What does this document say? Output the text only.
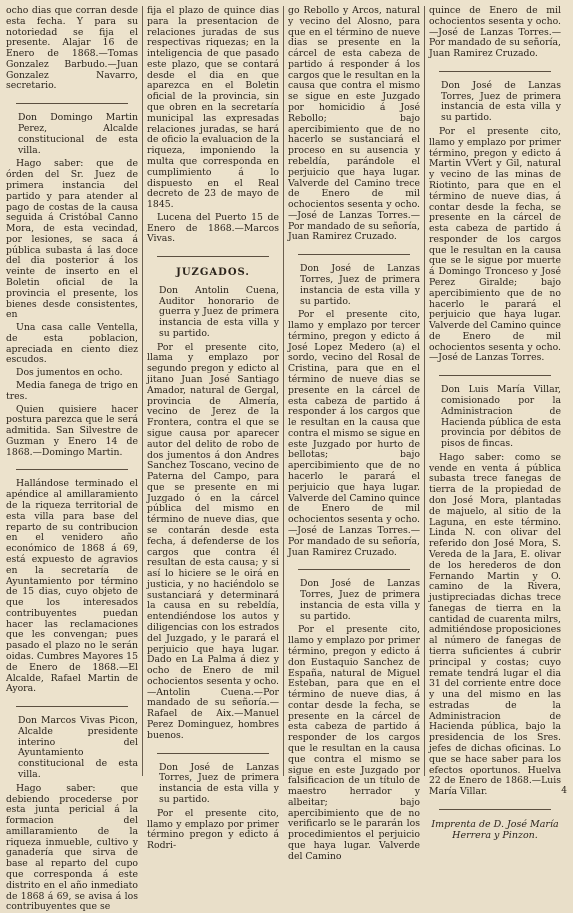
ocho dias que corran desde esta fecha. Y para su notoriedad se fija el presente. Alajar 16 de Enero de 1868.—Tomas Gonzalez Barbudo.—Juan Gonzalez Navarro, secretario.

Don Domingo Martin Perez, Alcalde constitucional de esta villa.

Hago saber: que de órden del Sr. Juez de primera instancia del partido y para atender al pago de costas de la causa seguida á Cristóbal Canno Mora, de esta vecindad, por lesiones, se saca á pública subasta á las doce del dia posterior á los veinte de inserto en el Boletin oficial de la provincia el presente, los bienes desde consistentes, en

Una casa calle Ventella, de esta poblacion, apreciada en ciento diez escudos.

Dos jumentos en ocho.

Media fanega de trigo en tres.

Quien quisiere hacer postura parezca que le será admitida. San Silvestre de Guzman y Enero 14 de 1868.—Domingo Martin.

Hallándose terminado el apéndice al amillaramiento de la riqueza territorial de esta villa para base del reparto de su contribucion en el venidero año económico de 1868 á 69, está expuesto de agravios en la secretaría de Ayuntamiento por término de 15 dias, cuyo objeto de que los interesados contribuyentes puedan hacer las reclamaciones que les convengan; pues pasado el plazo no le serán oidas. Cumbres Mayores 15 de Enero de 1868.—El Alcalde, Rafael Martin de Ayora.

Don Marcos Vivas Picon, Alcalde presidente interino del Ayuntamiento constitucional de esta villa.

Hago saber: que debiendo procederse por esta junta pericial á la formacion del amillaramiento de la riqueza inmueble, cultivo y ganadería que sirva de base al reparto del cupo que corresponda á este distrito en el año inmediato de 1868 á 69, se avisa á los contribuyentes que se

fija el plazo de quince dias para la presentacion de relaciones juradas de sus respectivas riquezas; en la inteligencia de que pasado este plazo, que se contará desde el dia en que aparezca en el Boletin oficial de la provincia, sin que obren en la secretaría municipal las expresadas relaciones juradas, se hará de oficio la evaluacion de la riqueza, imponiendo la multa que corresponda en cumplimiento á lo dispuesto en el Real decreto de 23 de mayo de 1845.

Lucena del Puerto 15 de Enero de 1868.—Marcos Vivas.

JUZGADOS.

Don Antolin Cuena, Auditor honorario de guerra y Juez de primera instancia de esta villa y su partido.

Por el presente cito, llama y emplazo por segundo pregon y edicto al jitano Juan José Santiago Amador, natural de Gergal, provincia de Almería, vecino de Jerez de la Frontera, contra el que se sigue causa por aparecer autor del delito de robo de dos jumentos á don Andres Sanchez Toscano, vecino de Paterna del Campo, para que se presente en mi Juzgado ó en la cárcel pública del mismo en término de nueve dias, que se contarán desde esta fecha, á defenderse de los cargos que contra él resultan de esta causa; y si así lo hiciere se le oirá en justicia, y no haciéndolo se sustanciará y determinará la causa en su rebeldía, entendiéndose los autos y diligencias con los estrados del Juzgado, y le parará el perjuicio que haya lugar. Dado en La Palma á diez y ocho de Enero de mil ochocientos sesenta y ocho.—Antolin Cuena.—Por mandado de su señoría.—Rafael de Aix.—Manuel Perez Dominguez, hombres buenos.

Don José de Lanzas Torres, Juez de primera instancia de esta villa y su partido.

Por el presente cito, llamo y emplazo por primer término pregon y edicto á Rodri-

go Rebollo y Arcos, natural y vecino del Alosno, para que en el término de nueve dias se presente en la cárcel de esta cabeza de partido á responder á los cargos que le resultan en la causa que contra el mismo se sigue en este Juzgado por homicidio á José Rebollo; bajo apercibimiento que de no hacerlo se sustanciará el proceso en su ausencia y rebeldía, parándole el perjuicio que haya lugar. Valverde del Camino trece de Enero de mil ochocientos sesenta y ocho.—José de Lanzas Torres.—Por mandado de su señoría, Juan Ramirez Cruzado.

Don José de Lanzas Torres, Juez de primera instancia de esta villa y su partido.

Por el presente cito, llamo y emplazo por tercer término, pregon y edicto á José Lopez Medero (a) el sordo, vecino del Rosal de Cristina, para que en el término de nueve dias se presente en la cárcel de esta cabeza de partido á responder á los cargos que le resultan en la causa que contra el mismo se sigue en este Juzgado por hurto de bellotas; bajo apercibimiento que de no hacerlo le parará el perjuicio que haya lugar. Valverde del Camino quince de Enero de mil ochocientos sesenta y ocho.—José de Lanzas Torres.—Por mandado de su señoría, Juan Ramirez Cruzado.

Don José de Lanzas Torres, Juez de primera instancia de esta villa y su partido.

Por el presente cito, llamo y emplazo por primer término, pregon y edicto á don Eustaquio Sanchez de España, natural de Miguel Esteban, para que en el término de nueve dias, á contar desde la fecha, se presente en la cárcel de esta cabeza de partido á responder de los cargos que le resultan en la causa que contra el mismo se sigue en este Juzgado por falsificacion de un título de maestro herrador y albeitar; bajo apercibimiento que de no verificarlo se le pararán los procedimientos el perjuicio que haya lugar. Valverde del Camino

quince de Enero de mil ochocientos sesenta y ocho.—José de Lanzas Torres.—Por mandado de su señoría, Juan Ramirez Cruzado.

Don José de Lanzas Torres, Juez de primera instancia de esta villa y su partido.

Por el presente cito, llamo y emplazo por primer término, pregon y edicto á Martin VVert y Gil, natural y vecino de las minas de Riotinto, para que en el término de nueve dias, á contar desde la fecha, se presente en la cárcel de esta cabeza de partido á responder de los cargos que le resultan en la causa que se le sigue por muerte á Domingo Tronceso y José Perez Giralde; bajo apercibimiento que de no hacerlo le parará el perjuicio que haya lugar. Valverde del Camino quince de Enero de mil ochocientos sesenta y ocho.—José de Lanzas Torres.

Don Luis María Villar, comisionado por la Administracion de Hacienda pública de esta provincia por débitos de pisos de fincas.

Hago saber: como se vende en venta á pública subasta trece fanegas de tierra de la propiedad de don José Mora, plantadas de majuelo, al sitio de la Laguna, en este término. Linda N. con olivar del referido don José Mora, S. Vereda de la Jara, E. olivar de los herederos de don Fernando Martin y O. camino de la Rivera, justipreciadas dichas trece fanegas de tierra en la cantidad de cuarenta milrs, admitiéndose proposiciones al número de fanegas de tierra suficientes á cubrir principal y costas; cuyo remate tendrá lugar el dia 31 del corriente entre doce y una del mismo en las estradas de la Administracion de Hacienda pública, bajo la presidencia de los Sres. jefes de dichas oficinas. Lo que se hace saber para los efectos oportunos. Huelva 22 de Enero de 1868.—Luis María Villar.

Imprenta de D. José María Herrera y Pinzon.
4
